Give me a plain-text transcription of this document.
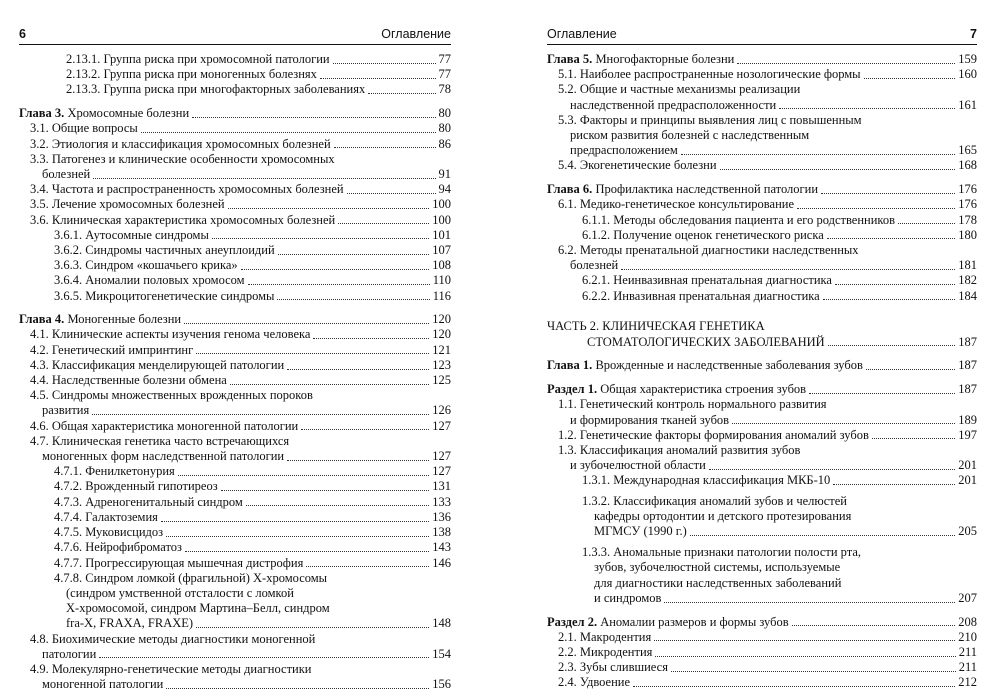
6	Оглавление
2.13.1. Группа риска при хромосомной патологии	77
2.13.2. Группа риска при моногенных болезнях	77
2.13.3. Группа риска при многофакторных заболеваниях	78
Глава 3. Хромосомные болезни	80
3.1. Общие вопросы	80
3.2. Этиология и классификация хромосомных болезней	86
3.3. Патогенез и клинические особенности хромосомных
болезней	91
3.4. Частота и распространенность хромосомных болезней	94
3.5. Лечение хромосомных болезней	100
3.6. Клиническая характеристика хромосомных болезней	100
3.6.1. Аутосомные синдромы	101
3.6.2. Синдромы частичных анеуплоидий	107
3.6.3. Синдром «кошачьего крика»	108
3.6.4. Аномалии половых хромосом	110
3.6.5. Микроцитогенетические синдромы	116
Глава 4. Моногенные болезни	120
4.1. Клинические аспекты изучения генома человека	120
4.2. Генетический импринтинг	121
4.3. Классификация менделирующей патологии	123
4.4. Наследственные болезни обмена	125
4.5. Синдромы множественных врожденных пороков
развития	126
4.6. Общая характеристика моногенной патологии	127
4.7. Клиническая генетика часто встречающихся
моногенных форм наследственной патологии	127
4.7.1. Фенилкетонурия	127
4.7.2. Врожденный гипотиреоз	131
4.7.3. Адреногенитальный синдром	133
4.7.4. Галактоземия	136
4.7.5. Муковисцидоз	138
4.7.6. Нейрофиброматоз	143
4.7.7. Прогрессирующая мышечная дистрофия	146
4.7.8. Синдром ломкой (фрагильной) Х-хромосомы
(синдром умственной отсталости с ломкой
Х-хромосомой, синдром Мартина–Белл, синдром
fra-X, FRAXA, FRAXE)	148
4.8. Биохимические методы диагностики моногенной
патологии	154
4.9. Молекулярно-генетические методы диагностики
моногенной патологии	156
Оглавление	7
Глава 5. Многофакторные болезни	159
5.1. Наиболее распространенные нозологические формы	160
5.2. Общие и частные механизмы реализации
наследственной предрасположенности	161
5.3. Факторы и принципы выявления лиц с повышенным
риском развития болезней с наследственным
предрасположением	165
5.4. Экогенетические болезни	168
Глава 6. Профилактика наследственной патологии	176
6.1. Медико-генетическое консультирование	176
6.1.1. Методы обследования пациента и его родственников	178
6.1.2. Получение оценок генетического риска	180
6.2. Методы пренатальной диагностики наследственных
болезней	181
6.2.1. Неинвазивная пренатальная диагностика	182
6.2.2. Инвазивная пренатальная диагностика	184
ЧАСТЬ 2. КЛИНИЧЕСКАЯ ГЕНЕТИКА
СТОМАТОЛОГИЧЕСКИХ ЗАБОЛЕВАНИЙ	187
Глава 1. Врожденные и наследственные заболевания зубов	187
Раздел 1. Общая характеристика строения зубов	187
1.1. Генетический контроль нормального развития
и формирования тканей зубов	189
1.2. Генетические факторы формирования аномалий зубов	197
1.3. Классификация аномалий развития зубов
и зубочелюстной области	201
1.3.1. Международная классификация МКБ-10	201
1.3.2. Классификация аномалий зубов и челюстей
кафедры ортодонтии и детского протезирования
МГМСУ (1990 г.)	205
1.3.3. Аномальные признаки патологии полости рта,
зубов, зубочелюстной системы, используемые
для диагностики наследственных заболеваний
и синдромов	207
Раздел 2. Аномалии размеров и формы зубов	208
2.1. Макродентия	210
2.2. Микродентия	211
2.3. Зубы слившиеся	211
2.4. Удвоение	212
